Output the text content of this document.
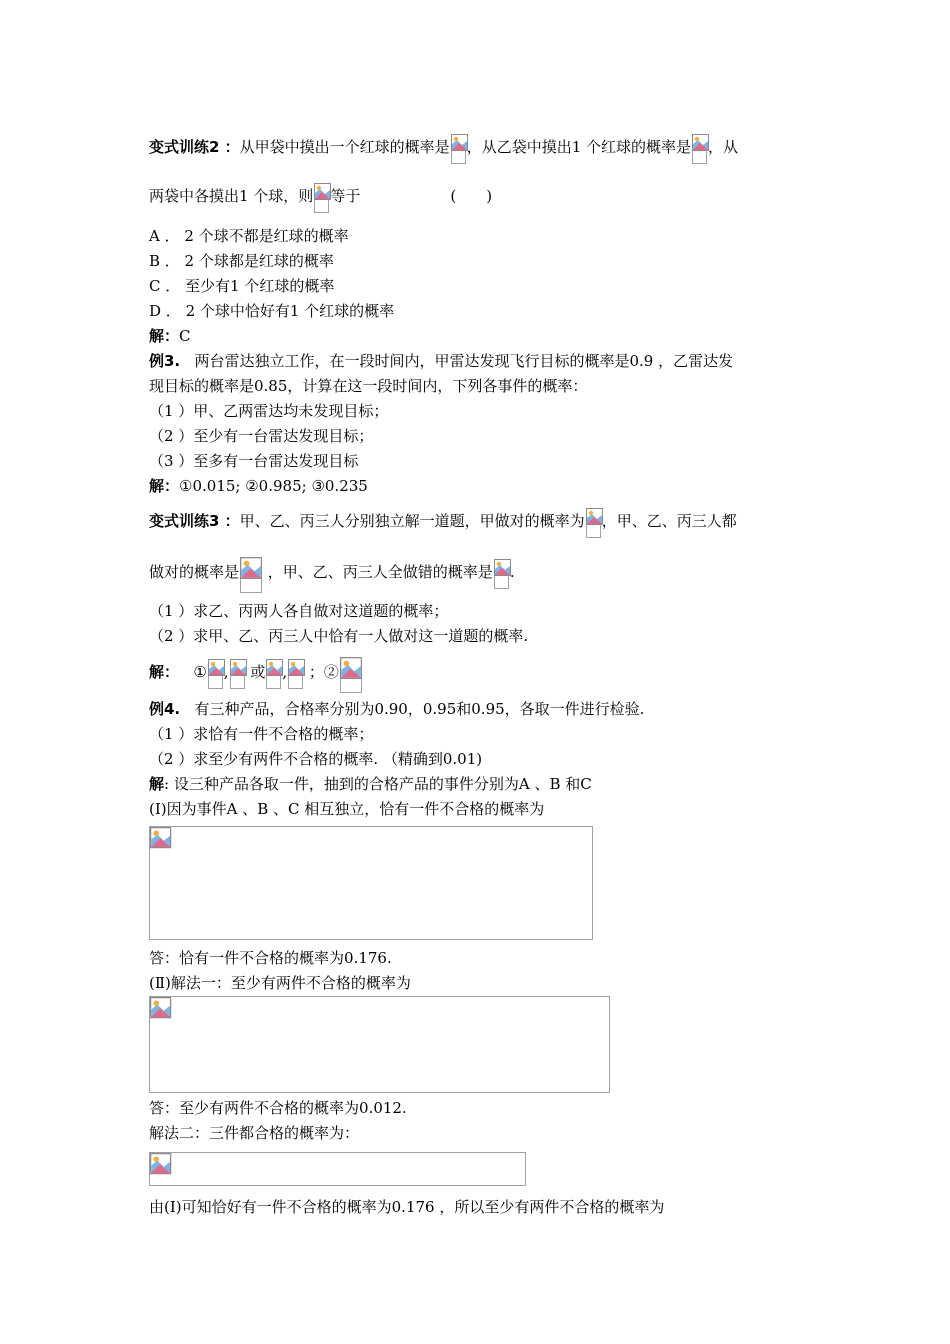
变式训练2 ：从甲袋中摸出一个红球的概率是 ，从乙袋中摸出1 个红球的概率是 ，从
两袋中各摸出1 个球，则 等于	(　　)
A ． 2 个球不都是红球的概率
B ． 2 个球都是红球的概率
C ． 至少有1 个红球的概率
D ． 2 个球中恰好有1 个红球的概率
解：C
例3. 两台雷达独立工作，在一段时间内，甲雷达发现飞行目标的概率是0.9 ，乙雷达发
现目标的概率是0.85，计算在这一段时间内，下列各事件的概率：
（1 ）甲、乙两雷达均未发现目标；
（2 ）至少有一台雷达发现目标；
（3 ）至多有一台雷达发现目标
解：①0.015; ②0.985; ③0.235
变式训练3 ：甲、乙、丙三人分别独立解一道题，甲做对的概率为 ，甲、乙、丙三人都
做对的概率是 ，甲、乙、丙三人全做错的概率是 .
（1 ）求乙、丙两人各自做对这道题的概率；
（2 ）求甲、乙、丙三人中恰有一人做对这一道题的概率.
解： ① , 或 , ；②
例4. 有三种产品，合格率分别为0.90，0.95和0.95，各取一件进行检验.
（1 ）求恰有一件不合格的概率；
（2 ）求至少有两件不合格的概率. （精确到0.01)
解: 设三种产品各取一件，抽到的合格产品的事件分别为A 、B 和C
(Ⅰ)因为事件A 、B 、C 相互独立，恰有一件不合格的概率为
答：恰有一件不合格的概率为0.176.
(Ⅱ)解法一：至少有两件不合格的概率为
答：至少有两件不合格的概率为0.012.
解法二：三件都合格的概率为：
由(Ⅰ)可知恰好有一件不合格的概率为0.176 ，所以至少有两件不合格的概率为
